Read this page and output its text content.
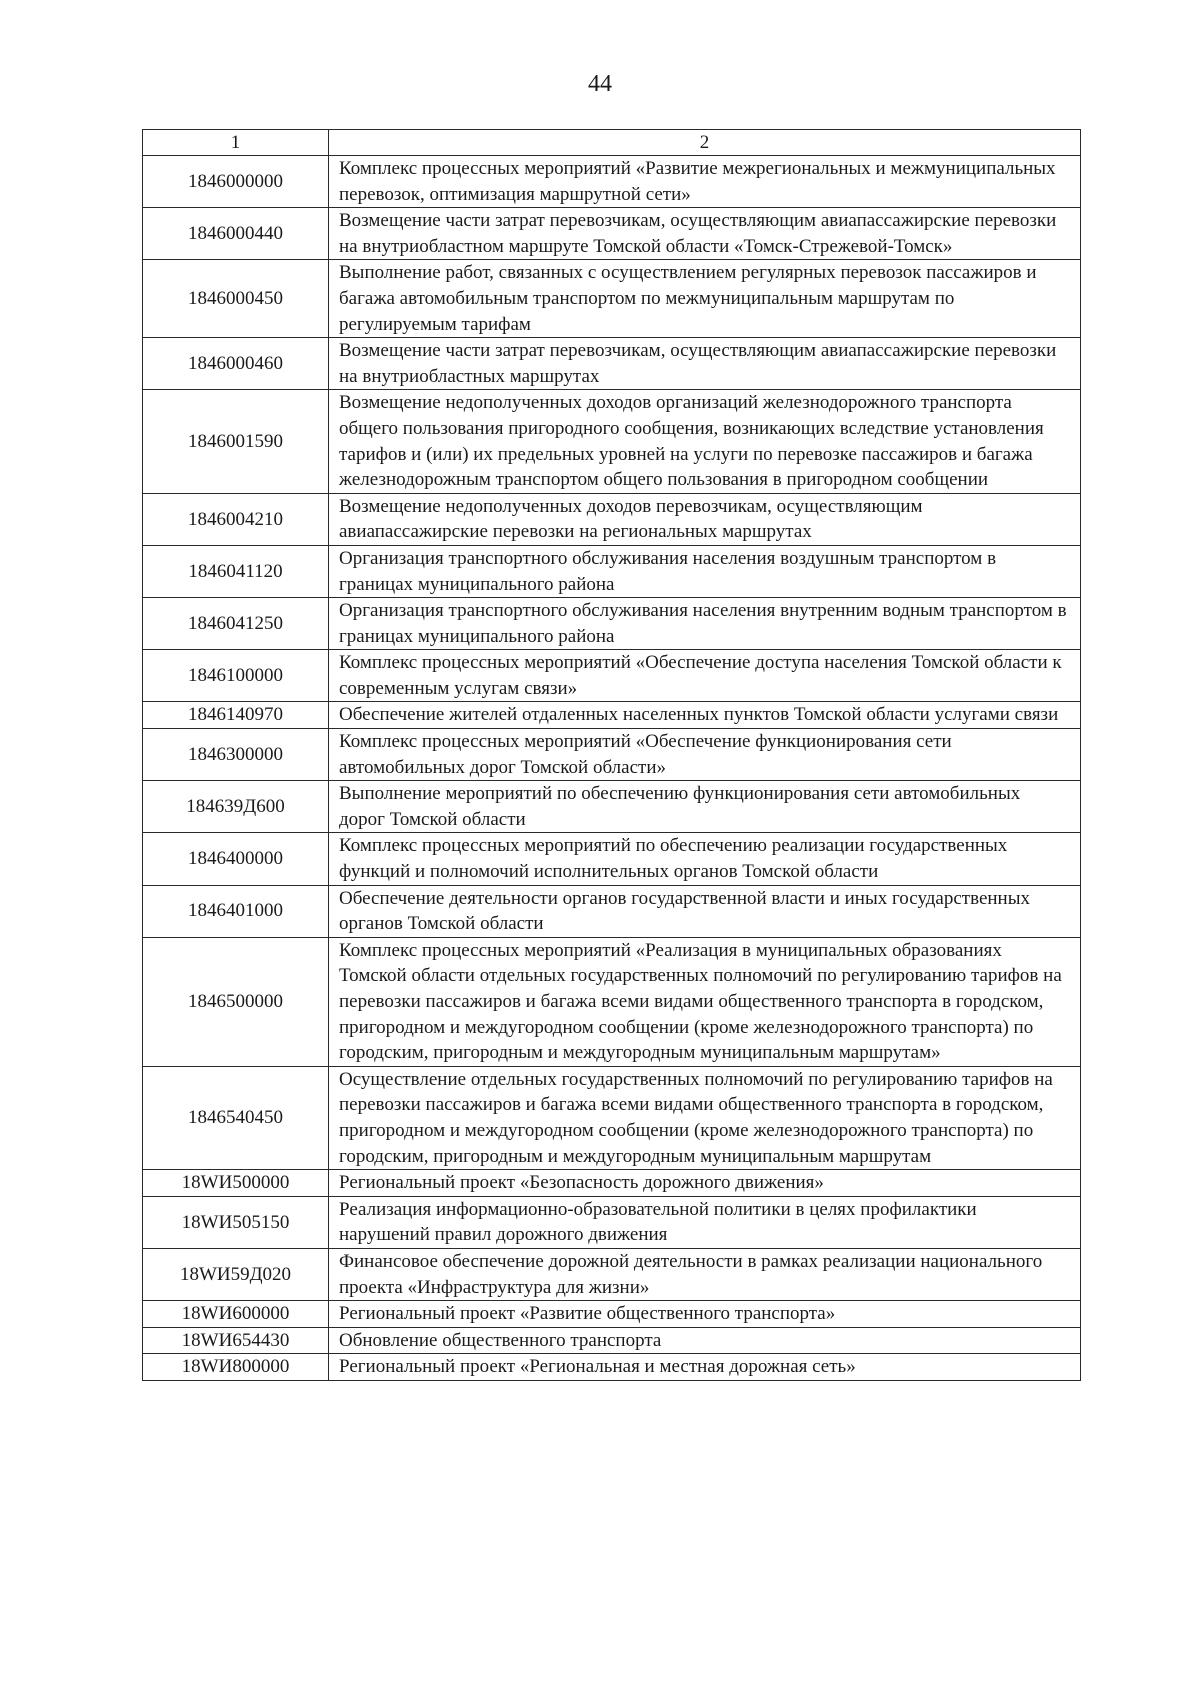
44
1	2
1846000000	Комплекс процессных мероприятий «Развитие межрегиональных и межмуниципальных перевозок, оптимизация маршрутной сети»
1846000440	Возмещение части затрат перевозчикам, осуществляющим авиапассажирские перевозки на внутриобластном маршруте Томской области «Томск-Стрежевой-Томск»
1846000450	Выполнение работ, связанных с осуществлением регулярных перевозок пассажиров и багажа автомобильным транспортом по межмуниципальным маршрутам по регулируемым тарифам
1846000460	Возмещение части затрат перевозчикам, осуществляющим авиапассажирские перевозки на внутриобластных маршрутах
1846001590	Возмещение недополученных доходов организаций железнодорожного транспорта общего пользования пригородного сообщения, возникающих вследствие установления тарифов и (или) их предельных уровней на услуги по перевозке пассажиров и багажа железнодорожным транспортом общего пользования в пригородном сообщении
1846004210	Возмещение недополученных доходов перевозчикам, осуществляющим авиапассажирские перевозки на региональных маршрутах
1846041120	Организация транспортного обслуживания населения воздушным транспортом в границах муниципального района
1846041250	Организация транспортного обслуживания населения внутренним водным транспортом в границах муниципального района
1846100000	Комплекс процессных мероприятий «Обеспечение доступа населения Томской области к современным услугам связи»
1846140970	Обеспечение жителей отдаленных населенных пунктов Томской области услугами связи
1846300000	Комплекс процессных мероприятий «Обеспечение функционирования сети автомобильных дорог Томской области»
184639Д600	Выполнение мероприятий по обеспечению функционирования сети автомобильных дорог Томской области
1846400000	Комплекс процессных мероприятий по обеспечению реализации государственных функций и полномочий исполнительных органов Томской области
1846401000	Обеспечение деятельности органов государственной власти и иных государственных органов Томской области
1846500000	Комплекс процессных мероприятий «Реализация в муниципальных образованиях Томской области отдельных государственных полномочий по регулированию тарифов на перевозки пассажиров и багажа всеми видами общественного транспорта в городском, пригородном и междугородном сообщении (кроме железнодорожного транспорта) по городским, пригородным и междугородным муниципальным маршрутам»
1846540450	Осуществление отдельных государственных полномочий по регулированию тарифов на перевозки пассажиров и багажа всеми видами общественного транспорта в городском, пригородном и междугородном сообщении (кроме железнодорожного транспорта) по городским, пригородным и междугородным муниципальным маршрутам
18WИ500000	Региональный проект «Безопасность дорожного движения»
18WИ505150	Реализация информационно-образовательной политики в целях профилактики нарушений правил дорожного движения
18WИ59Д020	Финансовое обеспечение дорожной деятельности в рамках реализации национального проекта «Инфраструктура для жизни»
18WИ600000	Региональный проект «Развитие общественного транспорта»
18WИ654430	Обновление общественного транспорта
18WИ800000	Региональный проект «Региональная и местная дорожная сеть»
